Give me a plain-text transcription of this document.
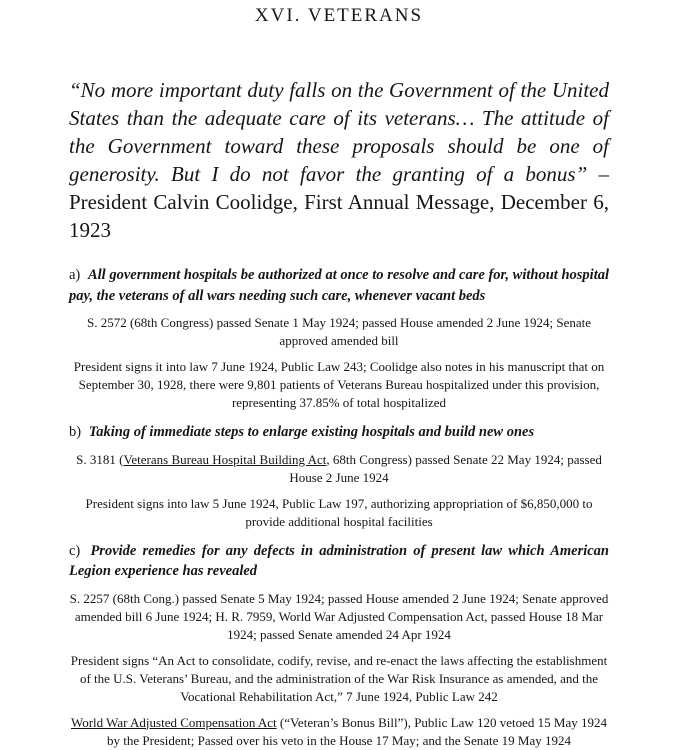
XVI. VETERANS

“No more important duty falls on the Government of the United States than the adequate care of its veterans… The attitude of the Government toward these proposals should be one of generosity. But I do not favor the granting of a bonus” – President Calvin Coolidge, First Annual Message, December 6, 1923

a) All government hospitals be authorized at once to resolve and care for, without hospital pay, the veterans of all wars needing such care, whenever vacant beds

S. 2572 (68th Congress) passed Senate 1 May 1924; passed House amended 2 June 1924; Senate approved amended bill

President signs it into law 7 June 1924, Public Law 243; Coolidge also notes in his manuscript that on September 30, 1928, there were 9,801 patients of Veterans Bureau hospitalized under this provision, representing 37.85% of total hospitalized

b) Taking of immediate steps to enlarge existing hospitals and build new ones

S. 3181 (Veterans Bureau Hospital Building Act, 68th Congress) passed Senate 22 May 1924; passed House 2 June 1924

President signs into law 5 June 1924, Public Law 197, authorizing appropriation of $6,850,000 to provide additional hospital facilities

c) Provide remedies for any defects in administration of present law which American Legion experience has revealed

S. 2257 (68th Cong.) passed Senate 5 May 1924; passed House amended 2 June 1924; Senate approved amended bill 6 June 1924; H. R. 7959, World War Adjusted Compensation Act, passed House 18 Mar 1924; passed Senate amended 24 Apr 1924

President signs “An Act to consolidate, codify, revise, and re-enact the laws affecting the establishment of the U.S. Veterans’ Bureau, and the administration of the War Risk Insurance as amended, and the Vocational Rehabilitation Act,” 7 June 1924, Public Law 242

World War Adjusted Compensation Act (“Veteran’s Bonus Bill”), Public Law 120 vetoed 15 May 1924 by the President; Passed over his veto in the House 17 May; and the Senate 19 May 1924
